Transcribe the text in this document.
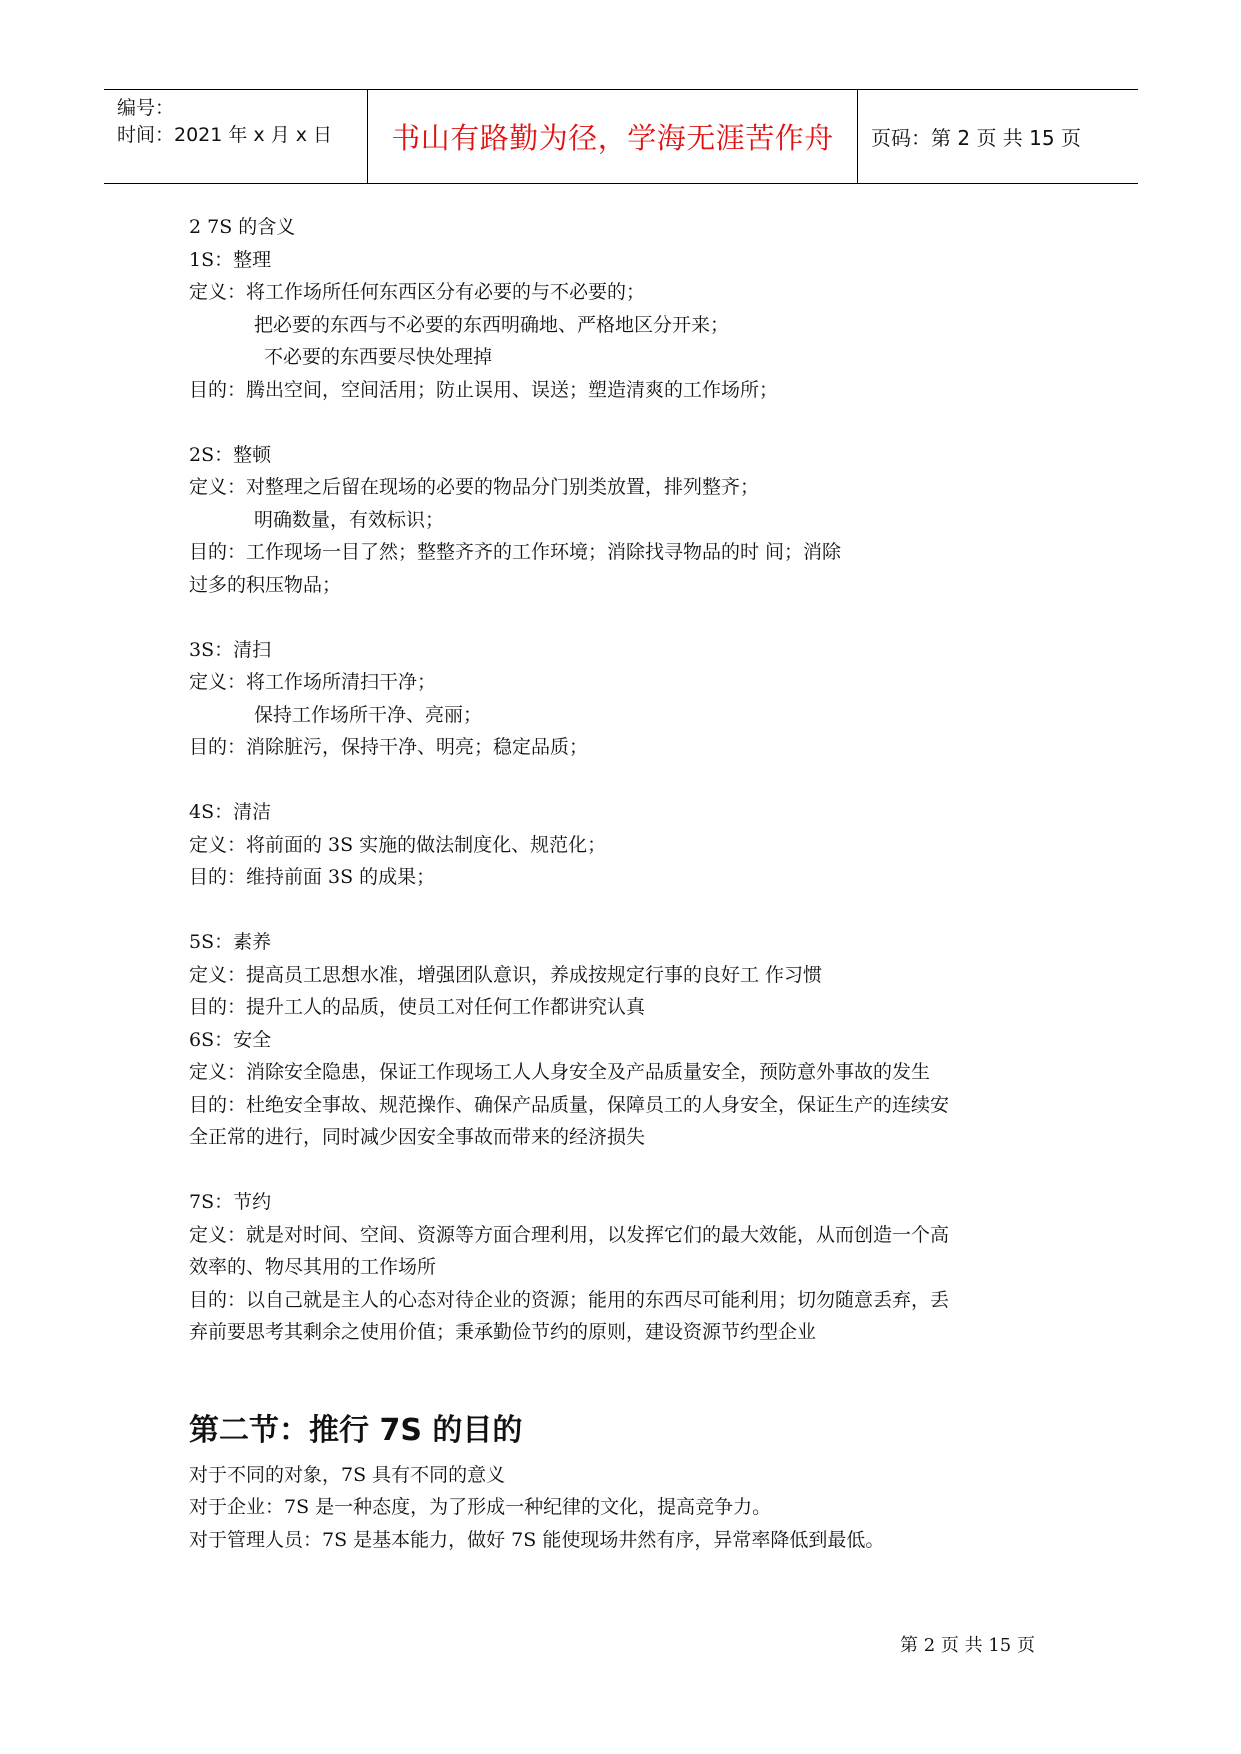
编号：
时间：2021 年 x 月 x 日 书山有路勤为径，学海无涯苦作舟 页码：第 2 页 共 15 页
2 7S 的含义
1S：整理
定义：将工作场所任何东西区分有必要的与不必要的；
把必要的东西与不必要的东西明确地、严格地区分开来；
不必要的东西要尽快处理掉
目的：腾出空间，空间活用；防止误用、误送；塑造清爽的工作场所；
2S：整顿
定义：对整理之后留在现场的必要的物品分门别类放置，排列整齐；
明确数量，有效标识；
目的：工作现场一目了然；整整齐齐的工作环境；消除找寻物品的时 间；消除
过多的积压物品；
3S：清扫
定义：将工作场所清扫干净；
保持工作场所干净、亮丽；
目的：消除脏污，保持干净、明亮；稳定品质；
4S：清洁
定义：将前面的 3S 实施的做法制度化、规范化；
目的：维持前面 3S 的成果；
5S：素养
定义：提高员工思想水准，增强团队意识，养成按规定行事的良好工 作习惯
目的：提升工人的品质，使员工对任何工作都讲究认真
6S：安全
定义：消除安全隐患，保证工作现场工人人身安全及产品质量安全，预防意外事故的发生
目的：杜绝安全事故、规范操作、确保产品质量，保障员工的人身安全，保证生产的连续安
全正常的进行，同时减少因安全事故而带来的经济损失
7S：节约
定义：就是对时间、空间、资源等方面合理利用，以发挥它们的最大效能，从而创造一个高
效率的、物尽其用的工作场所
目的：以自己就是主人的心态对待企业的资源；能用的东西尽可能利用；切勿随意丢弃，丢
弃前要思考其剩余之使用价值；秉承勤俭节约的原则，建设资源节约型企业
第二节：推行 7S 的目的
对于不同的对象，7S 具有不同的意义
对于企业：7S 是一种态度，为了形成一种纪律的文化，提高竞争力。
对于管理人员：7S 是基本能力，做好 7S 能使现场井然有序，异常率降低到最低。
第 2 页 共 15 页
